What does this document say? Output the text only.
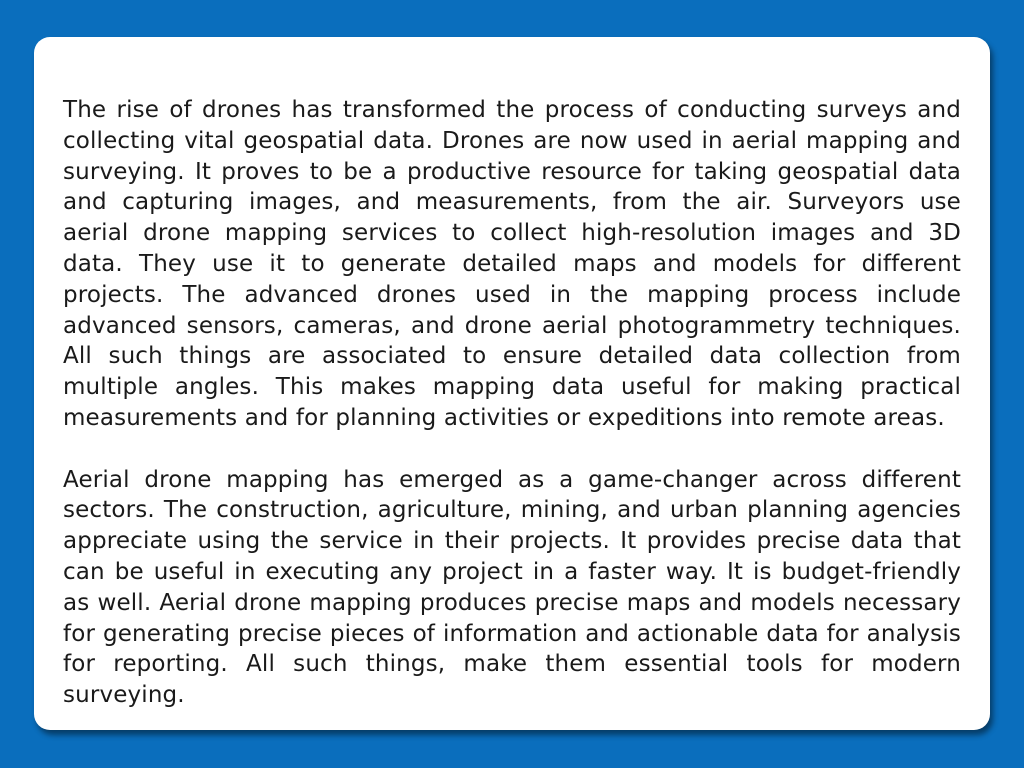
The rise of drones has transformed the process of conducting surveys and collecting vital geospatial data. Drones are now used in aerial mapping and surveying. It proves to be a productive resource for taking geospatial data and capturing images, and measurements, from the air. Surveyors use aerial drone mapping services to collect high-resolution images and 3D data. They use it to generate detailed maps and models for different projects. The advanced drones used in the mapping process include advanced sensors, cameras, and drone aerial photogrammetry techniques. All such things are associated to ensure detailed data collection from multiple angles. This makes mapping data useful for making practical measurements and for planning activities or expeditions into remote areas.

Aerial drone mapping has emerged as a game-changer across different sectors. The construction, agriculture, mining, and urban planning agencies appreciate using the service in their projects. It provides precise data that can be useful in executing any project in a faster way. It is budget-friendly as well. Aerial drone mapping produces precise maps and models necessary for generating precise pieces of information and actionable data for analysis for reporting. All such things, make them essential tools for modern surveying.
